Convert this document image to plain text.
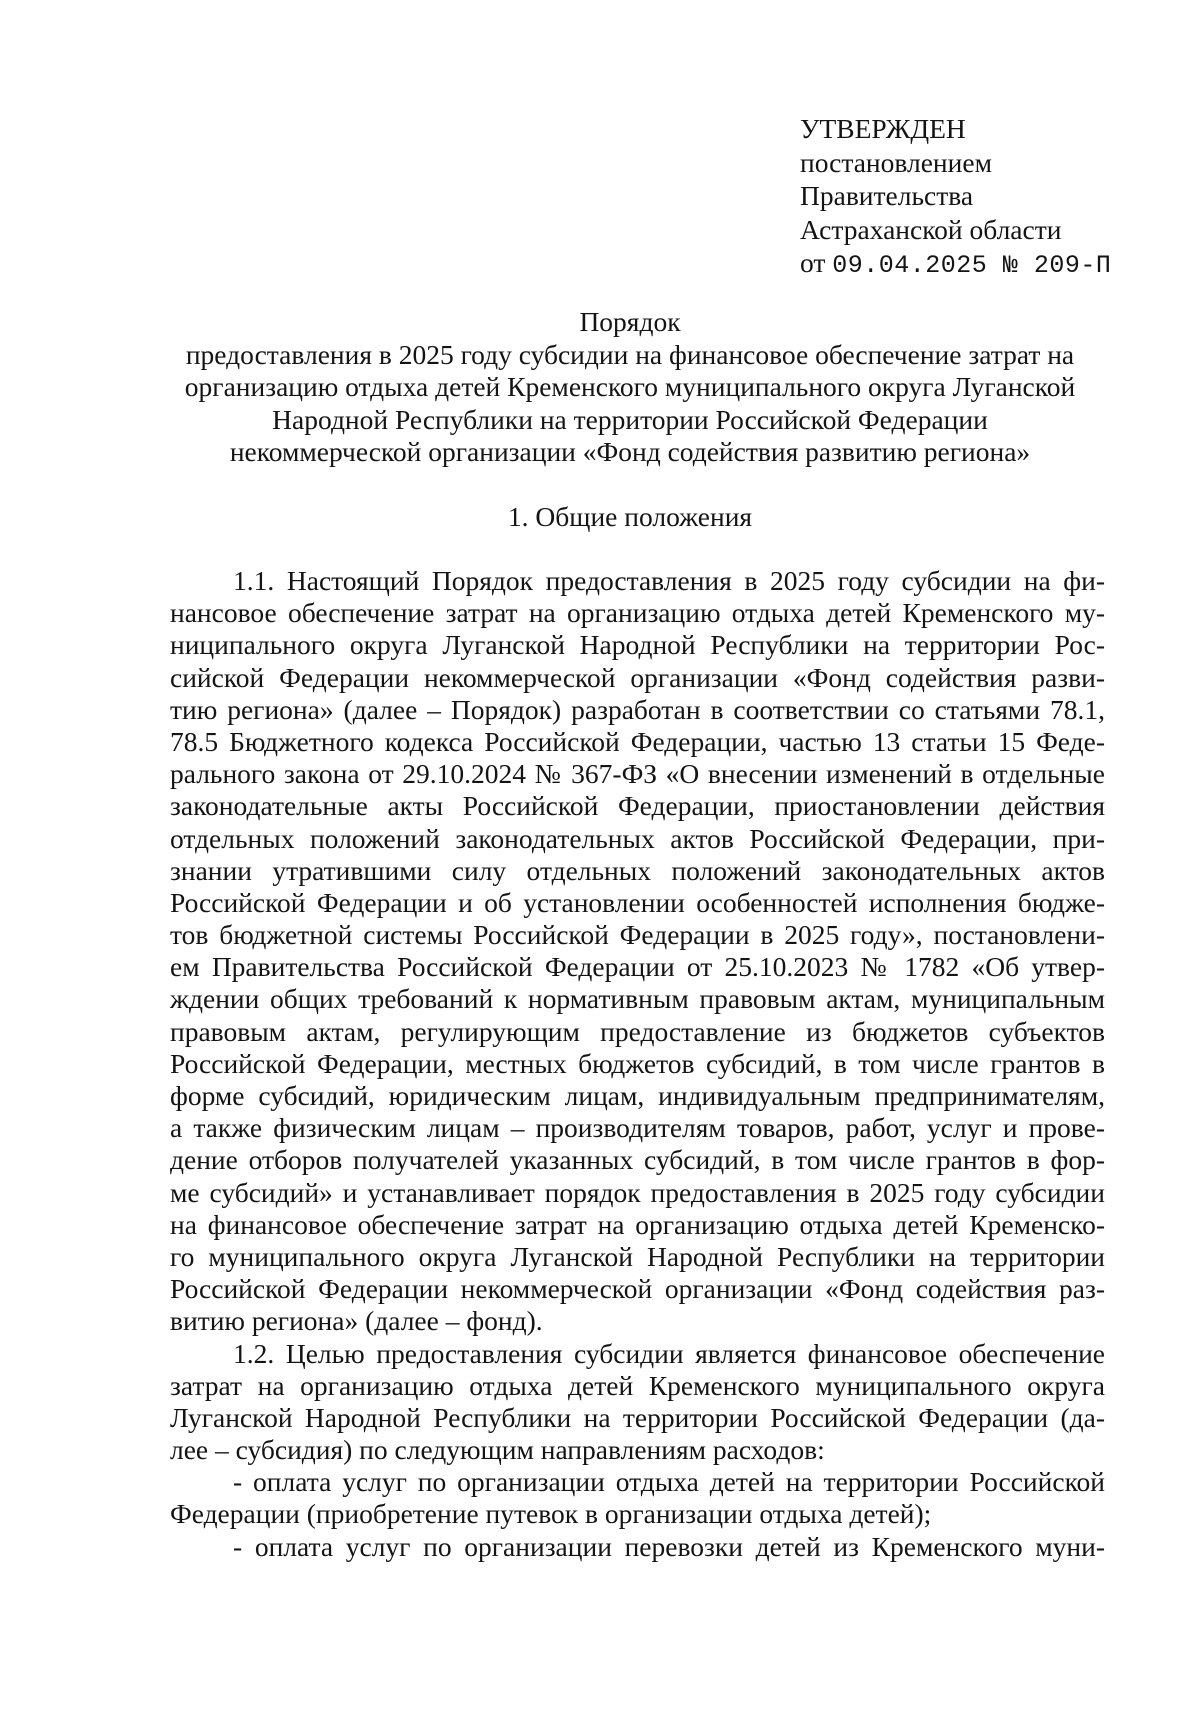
УТВЕРЖДЕН
постановлением
Правительства
Астраханской области
от 09.04.2025 № 209-П
Порядок
предоставления в 2025 году субсидии на финансовое обеспечение затрат на
организацию отдыха детей Кременского муниципального округа Луганской
Народной Республики на территории Российской Федерации
некоммерческой организации «Фонд содействия развитию региона»
1. Общие положения
1.1. Настоящий Порядок предоставления в 2025 году субсидии на фи-
нансовое обеспечение затрат на организацию отдыха детей Кременского му-
ниципального округа Луганской Народной Республики на территории Рос-
сийской Федерации некоммерческой организации «Фонд содействия разви-
тию региона» (далее – Порядок) разработан в соответствии со статьями 78.1,
78.5 Бюджетного кодекса Российской Федерации, частью 13 статьи 15 Феде-
рального закона от 29.10.2024 № 367-ФЗ «О внесении изменений в отдельные
законодательные акты Российской Федерации, приостановлении действия
отдельных положений законодательных актов Российской Федерации, при-
знании утратившими силу отдельных положений законодательных актов
Российской Федерации и об установлении особенностей исполнения бюдже-
тов бюджетной системы Российской Федерации в 2025 году», постановлени-
ем Правительства Российской Федерации от 25.10.2023 № 1782 «Об утвер-
ждении общих требований к нормативным правовым актам, муниципальным
правовым актам, регулирующим предоставление из бюджетов субъектов
Российской Федерации, местных бюджетов субсидий, в том числе грантов в
форме субсидий, юридическим лицам, индивидуальным предпринимателям,
а также физическим лицам – производителям товаров, работ, услуг и прове-
дение отборов получателей указанных субсидий, в том числе грантов в фор-
ме субсидий» и устанавливает порядок предоставления в 2025 году субсидии
на финансовое обеспечение затрат на организацию отдыха детей Кременско-
го муниципального округа Луганской Народной Республики на территории
Российской Федерации некоммерческой организации «Фонд содействия раз-
витию региона» (далее – фонд).
1.2. Целью предоставления субсидии является финансовое обеспечение
затрат на организацию отдыха детей Кременского муниципального округа
Луганской Народной Республики на территории Российской Федерации (да-
лее – субсидия) по следующим направлениям расходов:
- оплата услуг по организации отдыха детей на территории Российской
Федерации (приобретение путевок в организации отдыха детей);
- оплата услуг по организации перевозки детей из Кременского муни-
